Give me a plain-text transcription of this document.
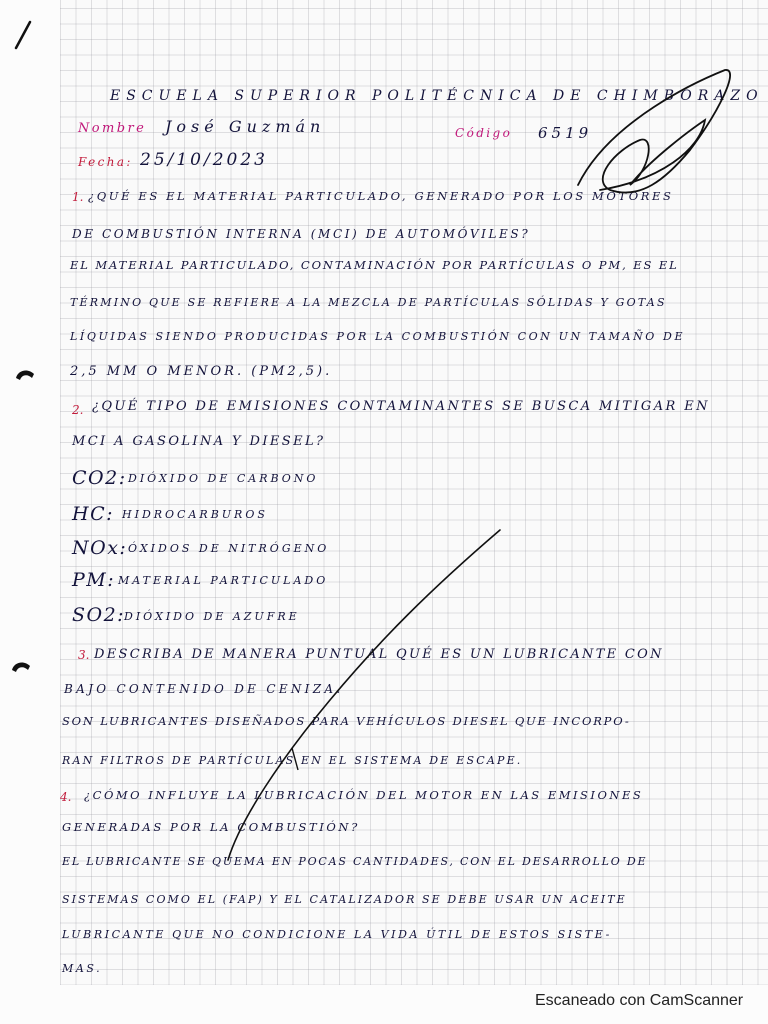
ESCUELA SUPERIOR POLITÉCNICA DE CHIMBORAZO
Nombre José Guzmán	Código 6519
Fecha: 25/10/2023
1. ¿QUÉ ES EL MATERIAL PARTICULADO, GENERADO POR LOS MOTORES
DE COMBUSTIÓN INTERNA (MCI) DE AUTOMÓVILES?
EL MATERIAL PARTICULADO, CONTAMINACIÓN POR PARTÍCULAS O PM, ES EL
TÉRMINO QUE SE REFIERE A LA MEZCLA DE PARTÍCULAS SÓLIDAS Y GOTAS
LÍQUIDAS SIENDO PRODUCIDAS POR LA COMBUSTIÓN CON UN TAMAÑO DE
2,5 ΜM O MENOR. (PM2,5).
2. ¿QUÉ TIPO DE EMISIONES CONTAMINANTES SE BUSCA MITIGAR EN
MCI A GASOLINA Y DIESEL?
CO2: DIÓXIDO DE CARBONO
HC: HIDROCARBUROS
NOx: ÓXIDOS DE NITRÓGENO
PM: MATERIAL PARTICULADO
SO2:
DIÓXIDO DE AZUFRE
3. DESCRIBA DE MANERA PUNTUAL QUÉ ES UN LUBRICANTE CON
BAJO CONTENIDO DE CENIZA.
SON LUBRICANTES DISEÑADOS PARA VEHÍCULOS DIESEL QUE INCORPO-
RAN FILTROS DE PARTÍCULAS EN EL SISTEMA DE ESCAPE.
4. ¿CÓMO INFLUYE LA LUBRICACIÓN DEL MOTOR EN LAS EMISIONES
GENERADAS POR LA COMBUSTIÓN?
EL LUBRICANTE SE QUEMA EN POCAS CANTIDADES, CON EL DESARROLLO DE
SISTEMAS COMO EL (FAP) Y EL CATALIZADOR SE DEBE USAR UN ACEITE
LUBRICANTE QUE NO CONDICIONE LA VIDA ÚTIL DE ESTOS SISTE-
MAS.
Escaneado con CamScanner
